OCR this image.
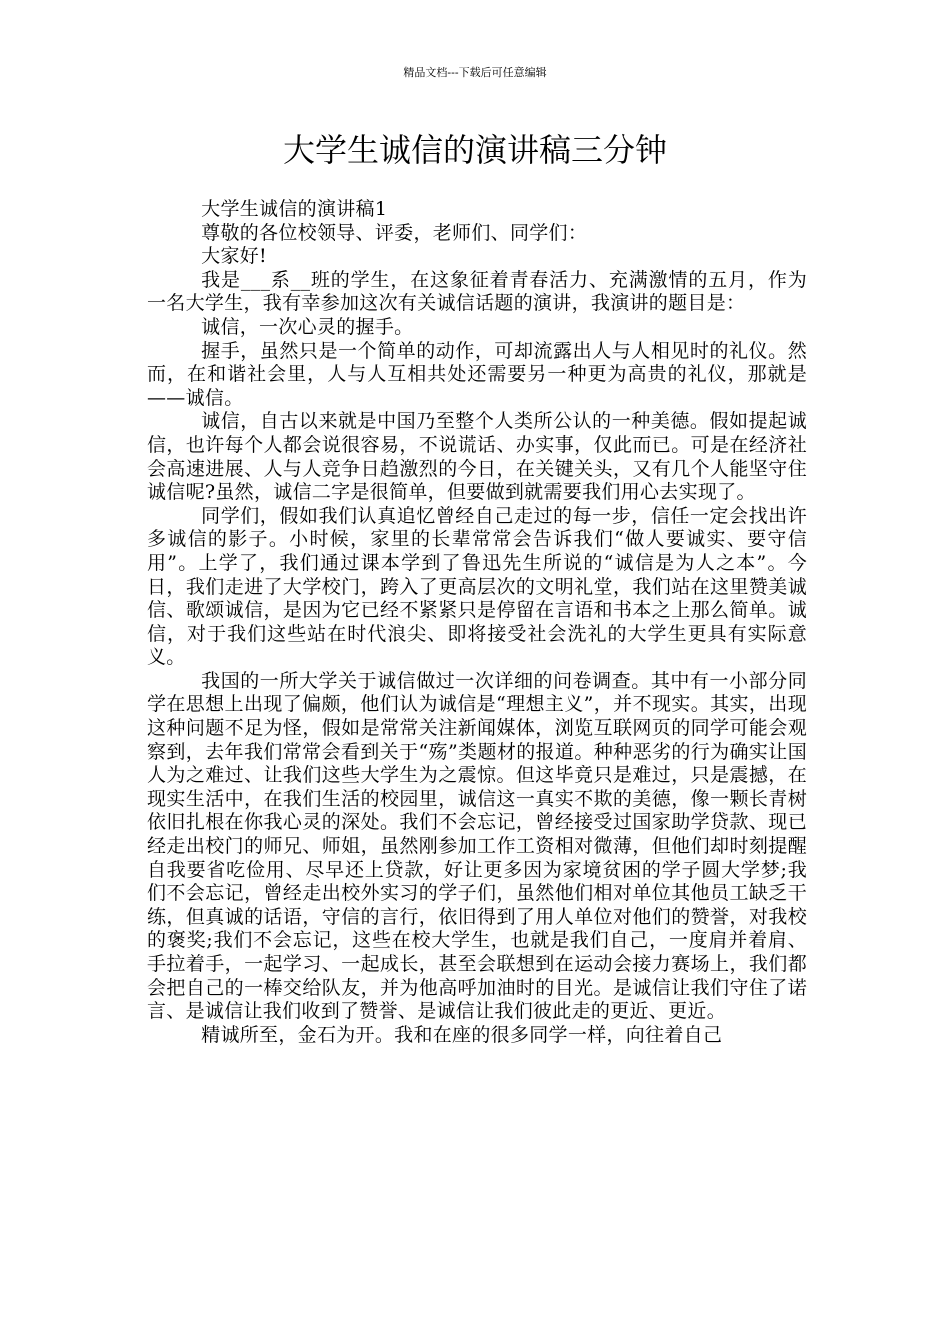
精品文档---下载后可任意编辑
大学生诚信的演讲稿三分钟

大学生诚信的演讲稿1

尊敬的各位校领导、评委，老师们、同学们：

大家好!

我是___系__班的学生，在这象征着青春活力、充满激情的五月，作为一名大学生，我有幸参加这次有关诚信话题的演讲，我演讲的题目是：

诚信，一次心灵的握手。

握手，虽然只是一个简单的动作，可却流露出人与人相见时的礼仪。然而，在和谐社会里，人与人互相共处还需要另一种更为高贵的礼仪，那就是——诚信。

诚信，自古以来就是中国乃至整个人类所公认的一种美德。假如提起诚信，也许每个人都会说很容易，不说谎话、办实事，仅此而已。可是在经济社会高速进展、人与人竞争日趋激烈的今日，在关键关头，又有几个人能坚守住诚信呢?虽然，诚信二字是很简单，但要做到就需要我们用心去实现了。

同学们，假如我们认真追忆曾经自己走过的每一步，信任一定会找出许多诚信的影子。小时候，家里的长辈常常会告诉我们“做人要诚实、要守信用”。上学了，我们通过课本学到了鲁迅先生所说的“诚信是为人之本”。今日，我们走进了大学校门，跨入了更高层次的文明礼堂，我们站在这里赞美诚信、歌颂诚信，是因为它已经不紧紧只是停留在言语和书本之上那么简单。诚信，对于我们这些站在时代浪尖、即将接受社会洗礼的大学生更具有实际意义。

我国的一所大学关于诚信做过一次详细的问卷调查。其中有一小部分同学在思想上出现了偏颇，他们认为诚信是“理想主义”，并不现实。其实，出现这种问题不足为怪，假如是常常关注新闻媒体，浏览互联网页的同学可能会观察到，去年我们常常会看到关于“殇”类题材的报道。种种恶劣的行为确实让国人为之难过、让我们这些大学生为之震惊。但这毕竟只是难过，只是震撼，在现实生活中，在我们生活的校园里，诚信这一真实不欺的美德，像一颗长青树依旧扎根在你我心灵的深处。我们不会忘记，曾经接受过国家助学贷款、现已经走出校门的师兄、师姐，虽然刚参加工作工资相对微薄，但他们却时刻提醒自我要省吃俭用、尽早还上贷款，好让更多因为家境贫困的学子圆大学梦;我们不会忘记，曾经走出校外实习的学子们，虽然他们相对单位其他员工缺乏干练，但真诚的话语，守信的言行，依旧得到了用人单位对他们的赞誉，对我校的褒奖;我们不会忘记，这些在校大学生，也就是我们自己，一度肩并着肩、手拉着手，一起学习、一起成长，甚至会联想到在运动会接力赛场上，我们都会把自己的一棒交给队友，并为他高呼加油时的目光。是诚信让我们守住了诺言、是诚信让我们收到了赞誉、是诚信让我们彼此走的更近、更近。

精诚所至，金石为开。我和在座的很多同学一样，向往着自己
